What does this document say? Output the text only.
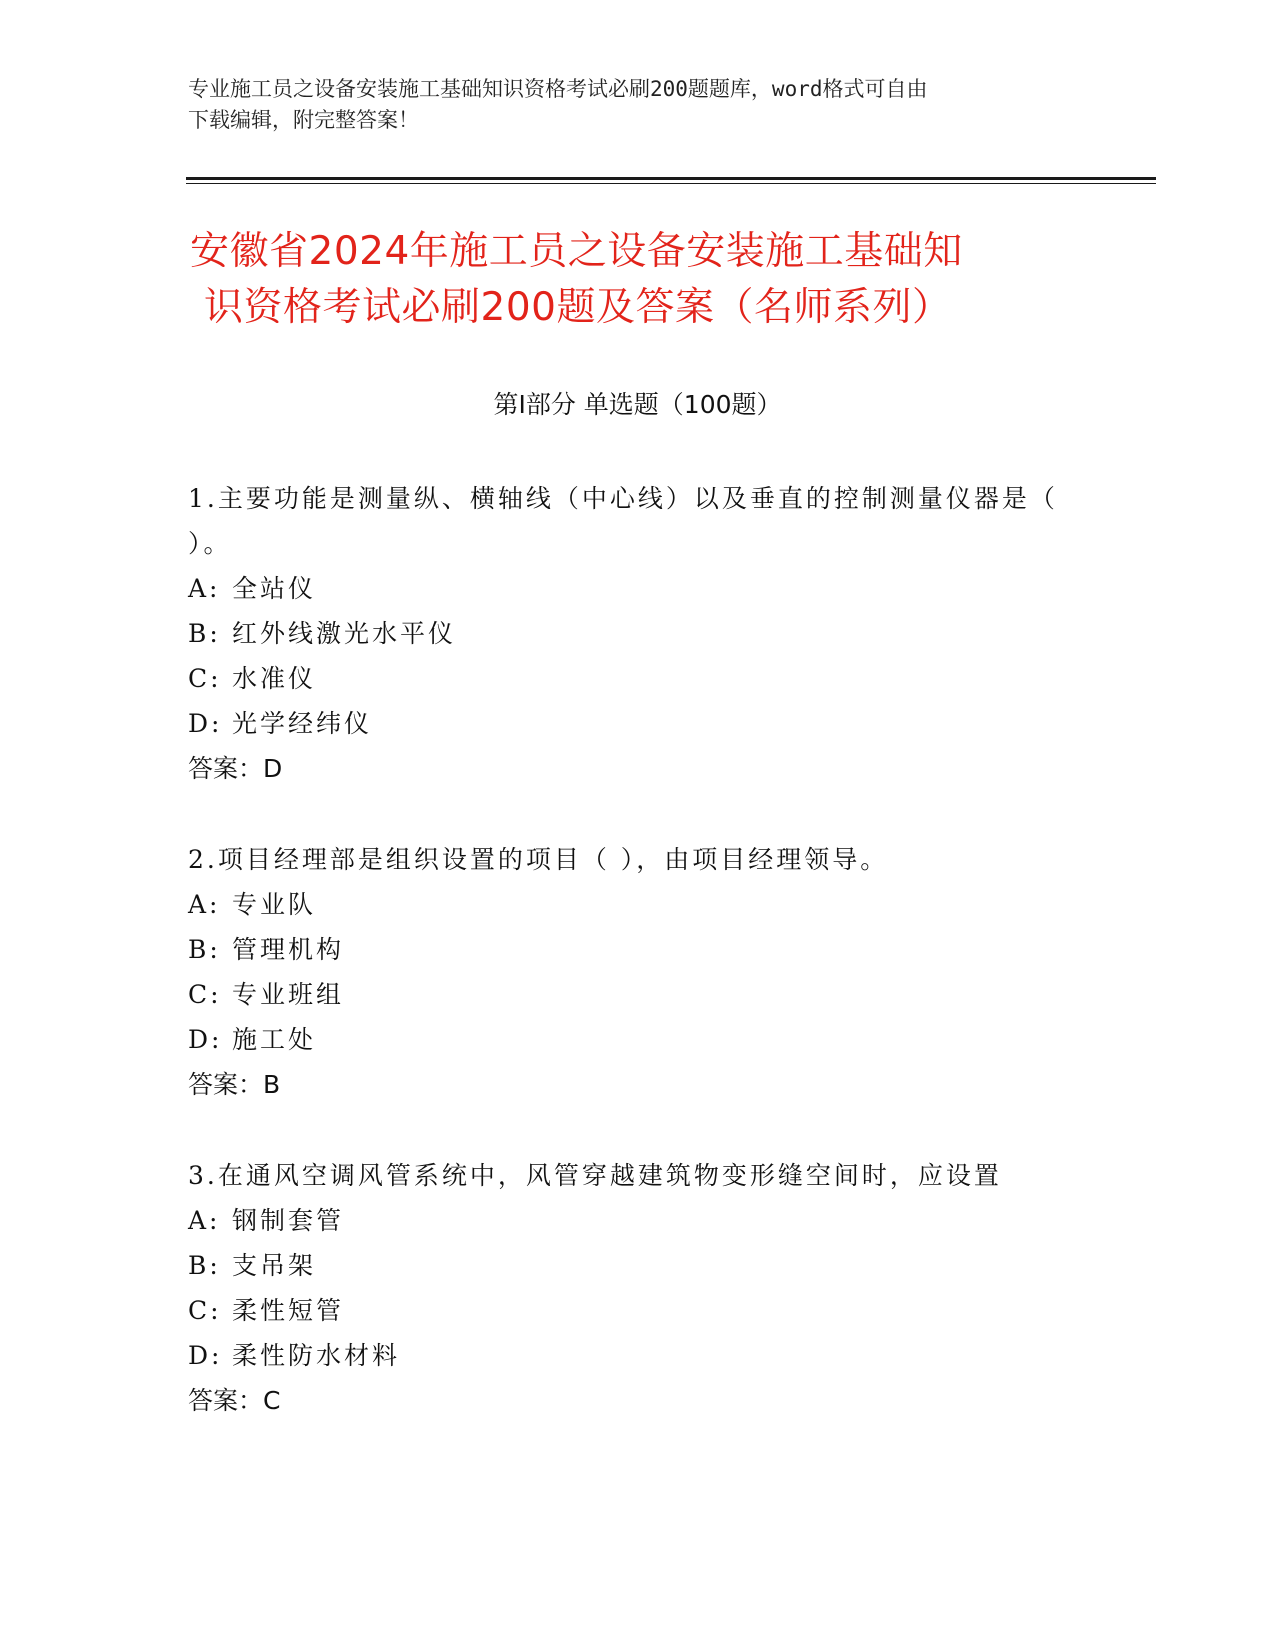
专业施工员之设备安装施工基础知识资格考试必刷200题题库，word格式可自由
下载编辑，附完整答案！
安徽省2024年施工员之设备安装施工基础知
识资格考试必刷200题及答案（名师系列）
第Ⅰ部分 单选题（100题）
1.主要功能是测量纵、横轴线（中心线）以及垂直的控制测量仪器是（ ）。
A: 全站仪
B: 红外线激光水平仪
C: 水准仪
D: 光学经纬仪
答案：D
2.项目经理部是组织设置的项目（ ），由项目经理领导。
A: 专业队
B: 管理机构
C: 专业班组
D: 施工处
答案：B
3.在通风空调风管系统中，风管穿越建筑物变形缝空间时，应设置
A: 钢制套管
B: 支吊架
C: 柔性短管
D: 柔性防水材料
答案：C
